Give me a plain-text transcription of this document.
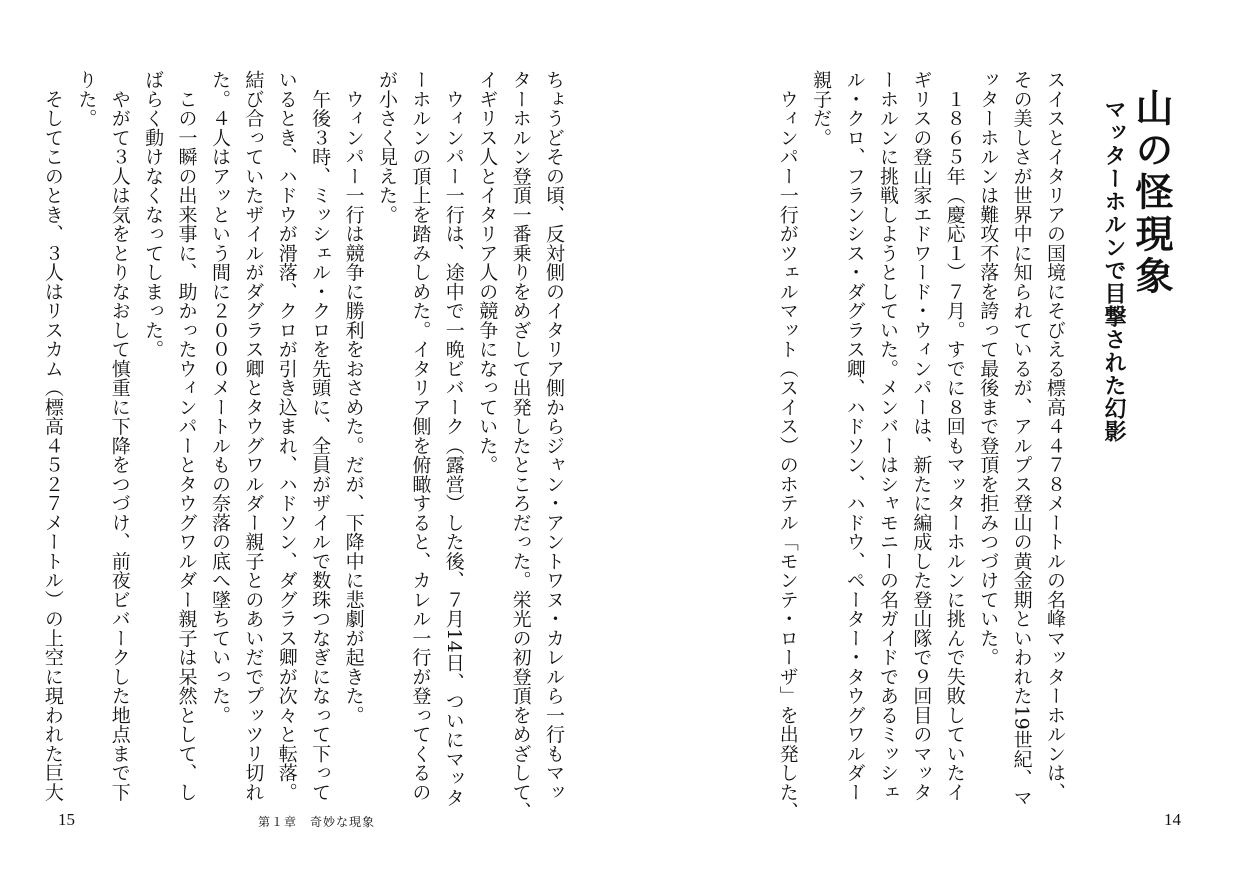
ちょうどその頃、反対側のイタリア側からジャン・アントワヌ・カレルら一行もマッ

ターホルン登頂一番乗りをめざして出発したところだった。栄光の初登頂をめざして、

イギリス人とイタリア人の競争になっていた。

　ウィンパー一行は、途中で一晩ビバーク（露営）した後、７月14日、ついにマッタ

ーホルンの頂上を踏みしめた。イタリア側を俯瞰すると、カレル一行が登ってくるの

が小さく見えた。

　ウィンパー一行は競争に勝利をおさめた。だが、下降中に悲劇が起きた。

　午後３時、ミッシェル・クロを先頭に、全員がザイルで数珠つなぎになって下って

いるとき、ハドウが滑落、クロが引き込まれ、ハドソン、ダグラス卿が次々と転落。

結び合っていたザイルがダグラス卿とタウグワルダー親子とのあいだでプッツリ切れ

た。４人はアッという間に２０００メートルもの奈落の底へ墜ちていった。

　この一瞬の出来事に、助かったウィンパーとタウグワルダー親子は呆然として、し

ばらく動けなくなってしまった。

　やがて３人は気をとりなおして慎重に下降をつづけ、前夜ビバークした地点まで下

りた。

　そしてこのとき、３人はリスカム（標高４５２７メートル）の上空に現われた巨大

15	第１章　奇妙な現象
山の怪現象
マッターホルンで目撃された幻影

スイスとイタリアの国境にそびえる標高４４７８メートルの名峰マッターホルンは、

その美しさが世界中に知られているが、アルプス登山の黄金期といわれた19世紀、マ

ッターホルンは難攻不落を誇って最後まで登頂を拒みつづけていた。

　１８６５年（慶応１）７月。すでに８回もマッターホルンに挑んで失敗していたイ

ギリスの登山家エドワード・ウィンパーは、新たに編成した登山隊で９回目のマッタ

ーホルンに挑戦しようとしていた。メンバーはシャモニーの名ガイドであるミッシェ

ル・クロ、フランシス・ダグラス卿、ハドソン、ハドウ、ペーター・タウグワルダー

親子だ。

　ウィンパー一行がツェルマット（スイス）のホテル「モンテ・ローザ」を出発した、	14
